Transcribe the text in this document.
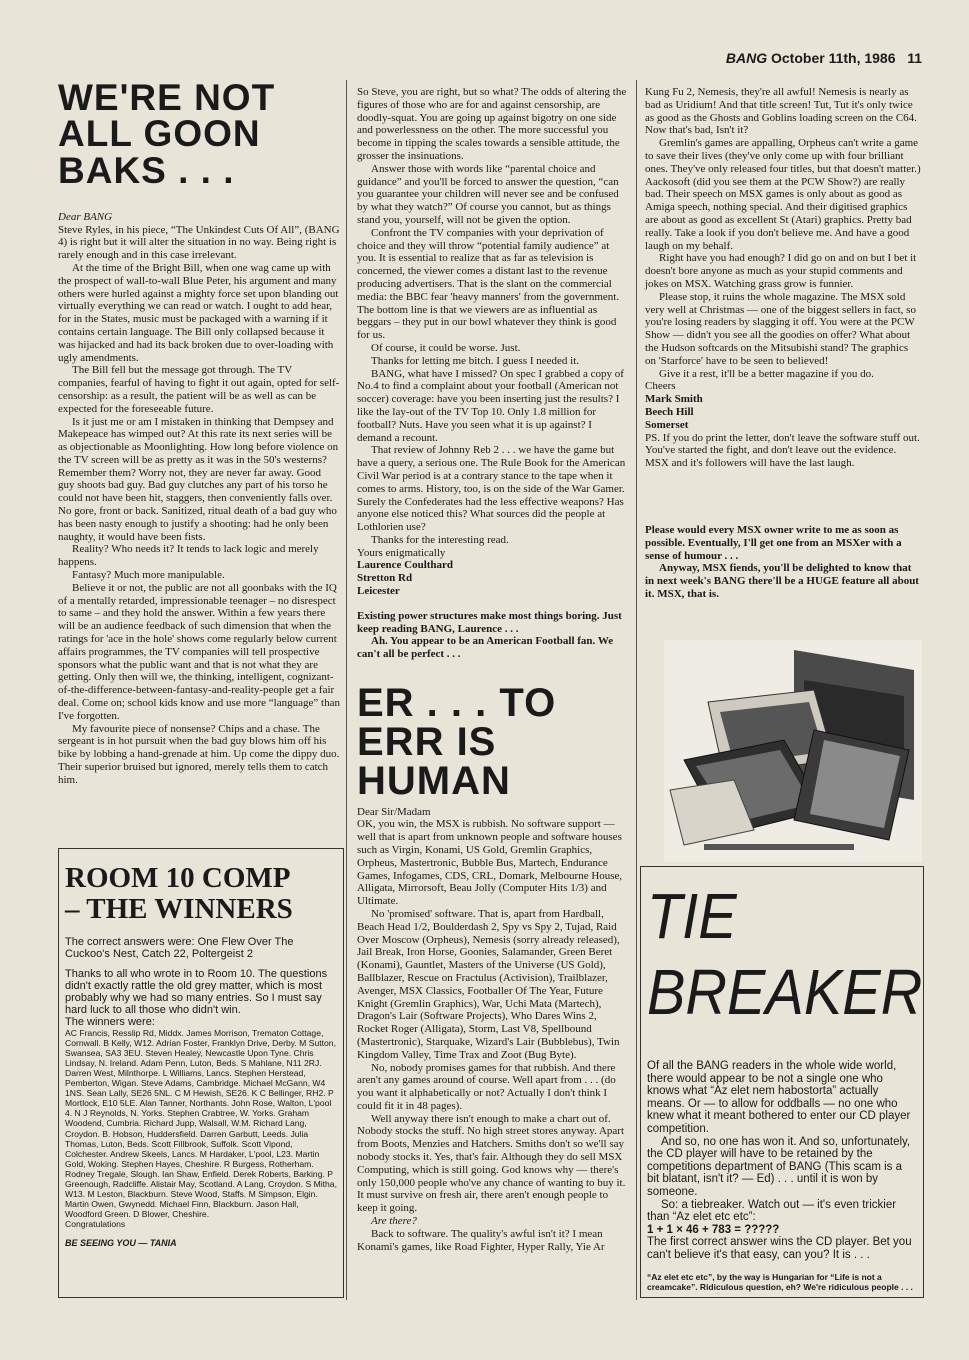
BANG October 11th, 1986 11
WE'RE NOT
ALL GOON
BAKS . . .

Dear BANG

Steve Ryles, in his piece, “The Unkindest Cuts Of All”, (BANG 4) is right but it will alter the situation in no way. Being right is rarely enough and in this case irrelevant.

At the time of the Bright Bill, when one wag came up with the prospect of wall-to-wall Blue Peter, his argument and many others were hurled against a mighty force set upon blanding out virtually everything we can read or watch. I ought to add hear, for in the States, music must be packaged with a warning if it contains certain language. The Bill only collapsed because it was hijacked and had its back broken due to over-loading with ugly amendments.

The Bill fell but the message got through. The TV companies, fearful of having to fight it out again, opted for self-censorship: as a result, the patient will be as well as can be expected for the foreseeable future.

Is it just me or am I mistaken in thinking that Dempsey and Makepeace has wimped out? At this rate its next series will be as objectionable as Moonlighting. How long before violence on the TV screen will be as pretty as it was in the 50's westerns? Remember them? Worry not, they are never far away. Good guy shoots bad guy. Bad guy clutches any part of his torso he could not have been hit, staggers, then conveniently falls over. No gore, front or back. Sanitized, ritual death of a bad guy who has been nasty enough to justify a shooting: had he only been naughty, it would have been fists.

Reality? Who needs it? It tends to lack logic and merely happens.

Fantasy? Much more manipulable.

Believe it or not, the public are not all goonbaks with the IQ of a mentally retarded, impressionable teenager – no disrespect to same – and they hold the answer. Within a few years there will be an audience feedback of such dimension that when the ratings for 'ace in the hole' shows come regularly below current affairs programmes, the TV companies will tell prospective sponsors what the public want and that is not what they are getting. Only then will we, the thinking, intelligent, cognizant-of-the-difference-between-fantasy-and-reality-people get a fair deal. Come on; school kids know and use more “language” than I've forgotten.

My favourite piece of nonsense? Chips and a chase. The sergeant is in hot pursuit when the bad guy blows him off his bike by lobbing a hand-grenade at him. Up come the dippy duo. Their superior bruised but ignored, merely tells them to catch him.

ROOM 10 COMP
– THE WINNERS

The correct answers were: One Flew Over The Cuckoo's Nest, Catch 22, Poltergeist 2

Thanks to all who wrote in to Room 10. The questions didn't exactly rattle the old grey matter, which is most probably why we had so many entries. So I must say hard luck to all those who didn't win.

The winners were:

AC Francis, Resslip Rd, Middx. James Morrison, Trematon Cottage, Cornwall. B Kelly, W12. Adrian Foster, Franklyn Drive, Derby. M Sutton, Swansea, SA3 3EU. Steven Healey, Newcastle Upon Tyne. Chris Lindsay, N. Ireland. Adam Penn, Luton, Beds. S Mahlane, N11 2RJ. Darren West, Milnthorpe. L Williams, Lancs. Stephen Herstead, Pemberton, Wigan. Steve Adams, Cambridge. Michael McGann, W4 1NS. Sean Lally, SE26 5NL. C M Hewish, SE26. K C Bellinger, RH2. P Mortlock, E10 5LE. Alan Tanner, Northants. John Rose, Walton, L'pool 4. N J Reynolds, N. Yorks. Stephen Crabtree, W. Yorks. Graham Woodend, Cumbria. Richard Jupp, Walsall, W.M. Richard Lang, Croydon. B. Hobson, Huddersfield. Darren Garbutt, Leeds. Julia Thomas, Luton, Beds. Scott Fillbrook, Suffolk. Scott Vipond, Colchester. Andrew Skeels, Lancs. M Hardaker, L'pool, L23. Martin Gold, Woking. Stephen Hayes, Cheshire. R Burgess, Rotherham. Rodney Tregale, Slough. Ian Shaw, Enfield. Derek Roberts, Barking. P Greenough, Radcliffe. Alistair May, Scotland. A Lang, Croydon. S Mitha, W13. M Leston, Blackburn. Steve Wood, Staffs. M Simpson, Elgin. Martin Owen, Gwynedd. Michael Finn, Blackburn. Jason Hall, Woodford Green. D Blower, Cheshire.

Congratulations

BE SEEING YOU — TANIA

So Steve, you are right, but so what? The odds of altering the figures of those who are for and against censorship, are doodly-squat. You are going up against bigotry on one side and powerlessness on the other. The more successful you become in tipping the scales towards a sensible attitude, the grosser the insinuations.

Answer those with words like “parental choice and guidance” and you'll be forced to answer the question, “can you guarantee your children will never see and be confused by what they watch?” Of course you cannot, but as things stand you, yourself, will not be given the option.

Confront the TV companies with your deprivation of choice and they will throw “potential family audience” at you. It is essential to realize that as far as television is concerned, the viewer comes a distant last to the revenue producing advertisers. That is the slant on the commercial media: the BBC fear 'heavy manners' from the government. The bottom line is that we viewers are as influential as beggars – they put in our bowl whatever they think is good for us.

Of course, it could be worse. Just.

Thanks for letting me bitch. I guess I needed it.

BANG, what have I missed? On spec I grabbed a copy of No.4 to find a complaint about your football (American not soccer) coverage: have you been inserting just the results? I like the lay-out of the TV Top 10. Only 1.8 million for football? Nuts. Have you seen what it is up against? I demand a recount.

That review of Johnny Reb 2 . . . we have the game but have a query, a serious one. The Rule Book for the American Civil War period is at a contrary stance to the tape when it comes to arms. History, too, is on the side of the War Gamer. Surely the Confederates had the less effective weapons? Has anyone else noticed this? What sources did the people at Lothlorien use?

Thanks for the interesting read.

Yours enigmatically

Laurence Coulthard

Stretton Rd

Leicester

Existing power structures make most things boring. Just keep reading BANG, Laurence . . .

Ah. You appear to be an American Football fan. We can't all be perfect . . .

ER . . . TO
ERR IS
HUMAN

Dear Sir/Madam

OK, you win, the MSX is rubbish. No software support — well that is apart from unknown people and software houses such as Virgin, Konami, US Gold, Gremlin Graphics, Orpheus, Mastertronic, Bubble Bus, Martech, Endurance Games, Infogames, CDS, CRL, Domark, Melbourne House, Alligata, Mirrorsoft, Beau Jolly (Computer Hits 1/3) and Ultimate.

No 'promised' software. That is, apart from Hardball, Beach Head 1/2, Boulderdash 2, Spy vs Spy 2, Tujad, Raid Over Moscow (Orpheus), Nemesis (sorry already released), Jail Break, Iron Horse, Goonies, Salamander, Green Beret (Konami), Gauntlet, Masters of the Universe (US Gold), Ballblazer, Rescue on Fractulus (Activision), Trailblazer, Avenger, MSX Classics, Footballer Of The Year, Future Knight (Gremlin Graphics), War, Uchi Mata (Martech), Dragon's Lair (Software Projects), Who Dares Wins 2, Rocket Roger (Alligata), Storm, Last V8, Spellbound (Mastertronic), Starquake, Wizard's Lair (Bubblebus), Twin Kingdom Valley, Time Trax and Zoot (Bug Byte).

No, nobody promises games for that rubbish. And there aren't any games around of course. Well apart from . . . (do you want it alphabetically or not? Actually I don't think I could fit it in 48 pages).

Well anyway there isn't enough to make a chart out of. Nobody stocks the stuff. No high street stores anyway. Apart from Boots, Menzies and Hatchers. Smiths don't so we'll say nobody stocks it. Yes, that's fair. Although they do sell MSX Computing, which is still going. God knows why — there's only 150,000 people who've any chance of wanting to buy it. It must survive on fresh air, there aren't enough people to keep it going.

Are there?

Back to software. The quality's awful isn't it? I mean Konami's games, like Road Fighter, Hyper Rally, Yie Ar

Kung Fu 2, Nemesis, they're all awful! Nemesis is nearly as bad as Uridium! And that title screen! Tut, Tut it's only twice as good as the Ghosts and Goblins loading screen on the C64. Now that's bad, Isn't it?

Gremlin's games are appalling, Orpheus can't write a game to save their lives (they've only come up with four brilliant ones. They've only released four titles, but that doesn't matter.) Aackosoft (did you see them at the PCW Show?) are really bad. Their speech on MSX games is only about as good as Amiga speech, nothing special. And their digitised graphics are about as good as excellent St (Atari) graphics. Pretty bad really. Take a look if you don't believe me. And have a good laugh on my behalf.

Right have you had enough? I did go on and on but I bet it doesn't bore anyone as much as your stupid comments and jokes on MSX. Watching grass grow is funnier.

Please stop, it ruins the whole magazine. The MSX sold very well at Christmas — one of the biggest sellers in fact, so you're losing readers by slagging it off. You were at the PCW Show — didn't you see all the goodies on offer? What about the Hudson softcards on the Mitsubishi stand? The graphics on 'Starforce' have to be seen to believed!

Give it a rest, it'll be a better magazine if you do.

Cheers

Mark Smith

Beech Hill

Somerset

PS. If you do print the letter, don't leave the software stuff out. You've started the fight, and don't leave out the evidence. MSX and it's followers will have the last laugh.

Please would every MSX owner write to me as soon as possible. Eventually, I'll get one from an MSXer with a sense of humour . . .

Anyway, MSX fiends, you'll be delighted to know that in next week's BANG there'll be a HUGE feature all about it. MSX, that is.

TIE
BREAKER

Of all the BANG readers in the whole wide world, there would appear to be not a single one who knows what “Az elet nem habostorta” actually means. Or — to allow for oddballs — no one who knew what it meant bothered to enter our CD player competition.

And so, no one has won it. And so, unfortunately, the CD player will have to be retained by the competitions department of BANG (This scam is a bit blatant, isn't it? — Ed) . . . until it is won by someone.

So: a tiebreaker. Watch out — it's even trickier than “Az elet etc etc”:

1 + 1 × 46 + 783 = ?????

The first correct answer wins the CD player. Bet you can't believe it's that easy, can you? It is . . .

“Az elet etc etc”, by the way is Hungarian for “Life is not a creamcake”. Ridiculous question, eh? We're ridiculous people . . .
